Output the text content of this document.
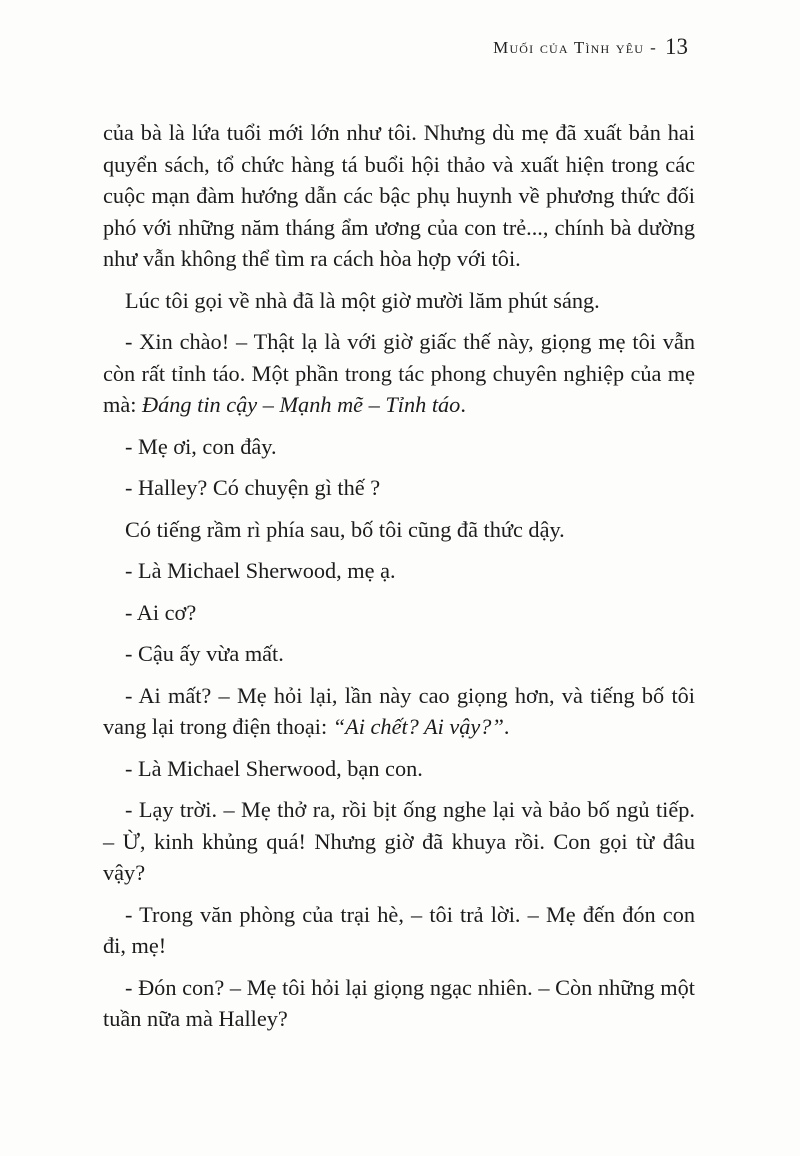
Muối của Tình yêu - 13

của bà là lứa tuổi mới lớn như tôi. Nhưng dù mẹ đã xuất bản hai quyển sách, tổ chức hàng tá buổi hội thảo và xuất hiện trong các cuộc mạn đàm hướng dẫn các bậc phụ huynh về phương thức đối phó với những năm tháng ẩm ương của con trẻ..., chính bà dường như vẫn không thể tìm ra cách hòa hợp với tôi.

Lúc tôi gọi về nhà đã là một giờ mười lăm phút sáng.

- Xin chào! – Thật lạ là với giờ giấc thế này, giọng mẹ tôi vẫn còn rất tỉnh táo. Một phần trong tác phong chuyên nghiệp của mẹ mà: Đáng tin cậy – Mạnh mẽ – Tỉnh táo.

- Mẹ ơi, con đây.

- Halley? Có chuyện gì thế ?

Có tiếng rầm rì phía sau, bố tôi cũng đã thức dậy.

- Là Michael Sherwood, mẹ ạ.

- Ai cơ?

- Cậu ấy vừa mất.

- Ai mất? – Mẹ hỏi lại, lần này cao giọng hơn, và tiếng bố tôi vang lại trong điện thoại: “Ai chết? Ai vậy?”.

- Là Michael Sherwood, bạn con.

- Lạy trời. – Mẹ thở ra, rồi bịt ống nghe lại và bảo bố ngủ tiếp. – Ừ, kinh khủng quá! Nhưng giờ đã khuya rồi. Con gọi từ đâu vậy?

- Trong văn phòng của trại hè, – tôi trả lời. – Mẹ đến đón con đi, mẹ!

- Đón con? – Mẹ tôi hỏi lại giọng ngạc nhiên. – Còn những một tuần nữa mà Halley?
